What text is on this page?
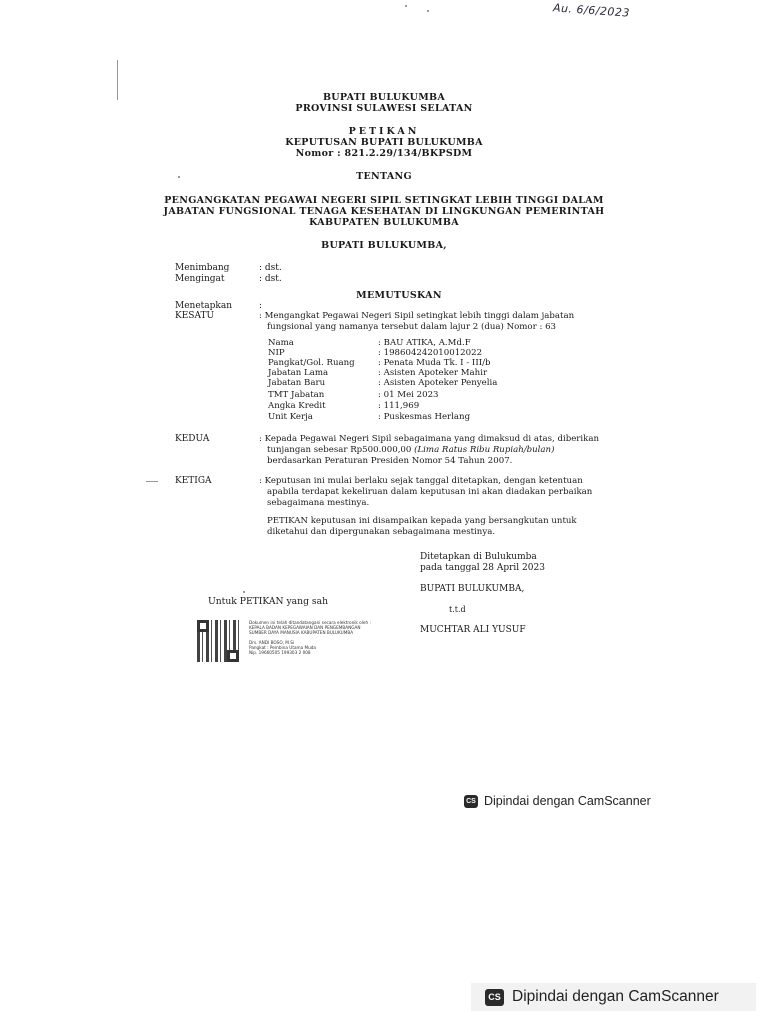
Au. 6/6/2023
BUPATI BULUKUMBA
PROVINSI SULAWESI SELATAN
PETIKAN
KEPUTUSAN BUPATI BULUKUMBA
Nomor : 821.2.29/134/BKPSDM
TENTANG
PENGANGKATAN PEGAWAI NEGERI SIPIL SETINGKAT LEBIH TINGGI DALAM
JABATAN FUNGSIONAL TENAGA KESEHATAN DI LINGKUNGAN PEMERINTAH
KABUPATEN BULUKUMBA
BUPATI BULUKUMBA,
Menimbang	: dst.
Mengingat	: dst.
MEMUTUSKAN
Menetapkan	:
KESATU	: Mengangkat Pegawai Negeri Sipil setingkat lebih tinggi dalam jabatan
fungsional yang namanya tersebut dalam lajur 2 (dua) Nomor : 63
Nama	: BAU ATIKA, A.Md.F
NIP	: 198604242010012022
Pangkat/Gol. Ruang	: Penata Muda Tk. I - III/b
Jabatan Lama	: Asisten Apoteker Mahir
Jabatan Baru	: Asisten Apoteker Penyelia
TMT Jabatan	: 01 Mei 2023
Angka Kredit	: 111,969
Unit Kerja	: Puskesmas Herlang
KEDUA	: Kepada Pegawai Negeri Sipil sebagaimana yang dimaksud di atas, diberikan
tunjangan sebesar Rp500.000,00 (Lima Ratus Ribu Rupiah/bulan)
berdasarkan Peraturan Presiden Nomor 54 Tahun 2007.
KETIGA	: Keputusan ini mulai berlaku sejak tanggal ditetapkan, dengan ketentuan
apabila terdapat kekeliruan dalam keputusan ini akan diadakan perbaikan
sebagaimana mestinya.
PETIKAN keputusan ini disampaikan kepada yang bersangkutan untuk
diketahui dan dipergunakan sebagaimana mestinya.
Ditetapkan di Bulukumba
pada tanggal 28 April 2023
BUPATI BULUKUMBA,
t.t.d
MUCHTAR ALI YUSUF
Untuk PETIKAN yang sah
Dokumen ini telah ditandatangani secara elektronik oleh :
KEPALA BADAN KEPEGAWAIAN DAN PENGEMBANGAN
SUMBER DAYA MANUSIA KABUPATEN BULUKUMBA
Drs. ANDI BOSO, M.Si
Pangkat : Pembina Utama Muda
Nip. 19660505 199303 2 008
CS Dipindai dengan CamScanner
CS Dipindai dengan CamScanner
